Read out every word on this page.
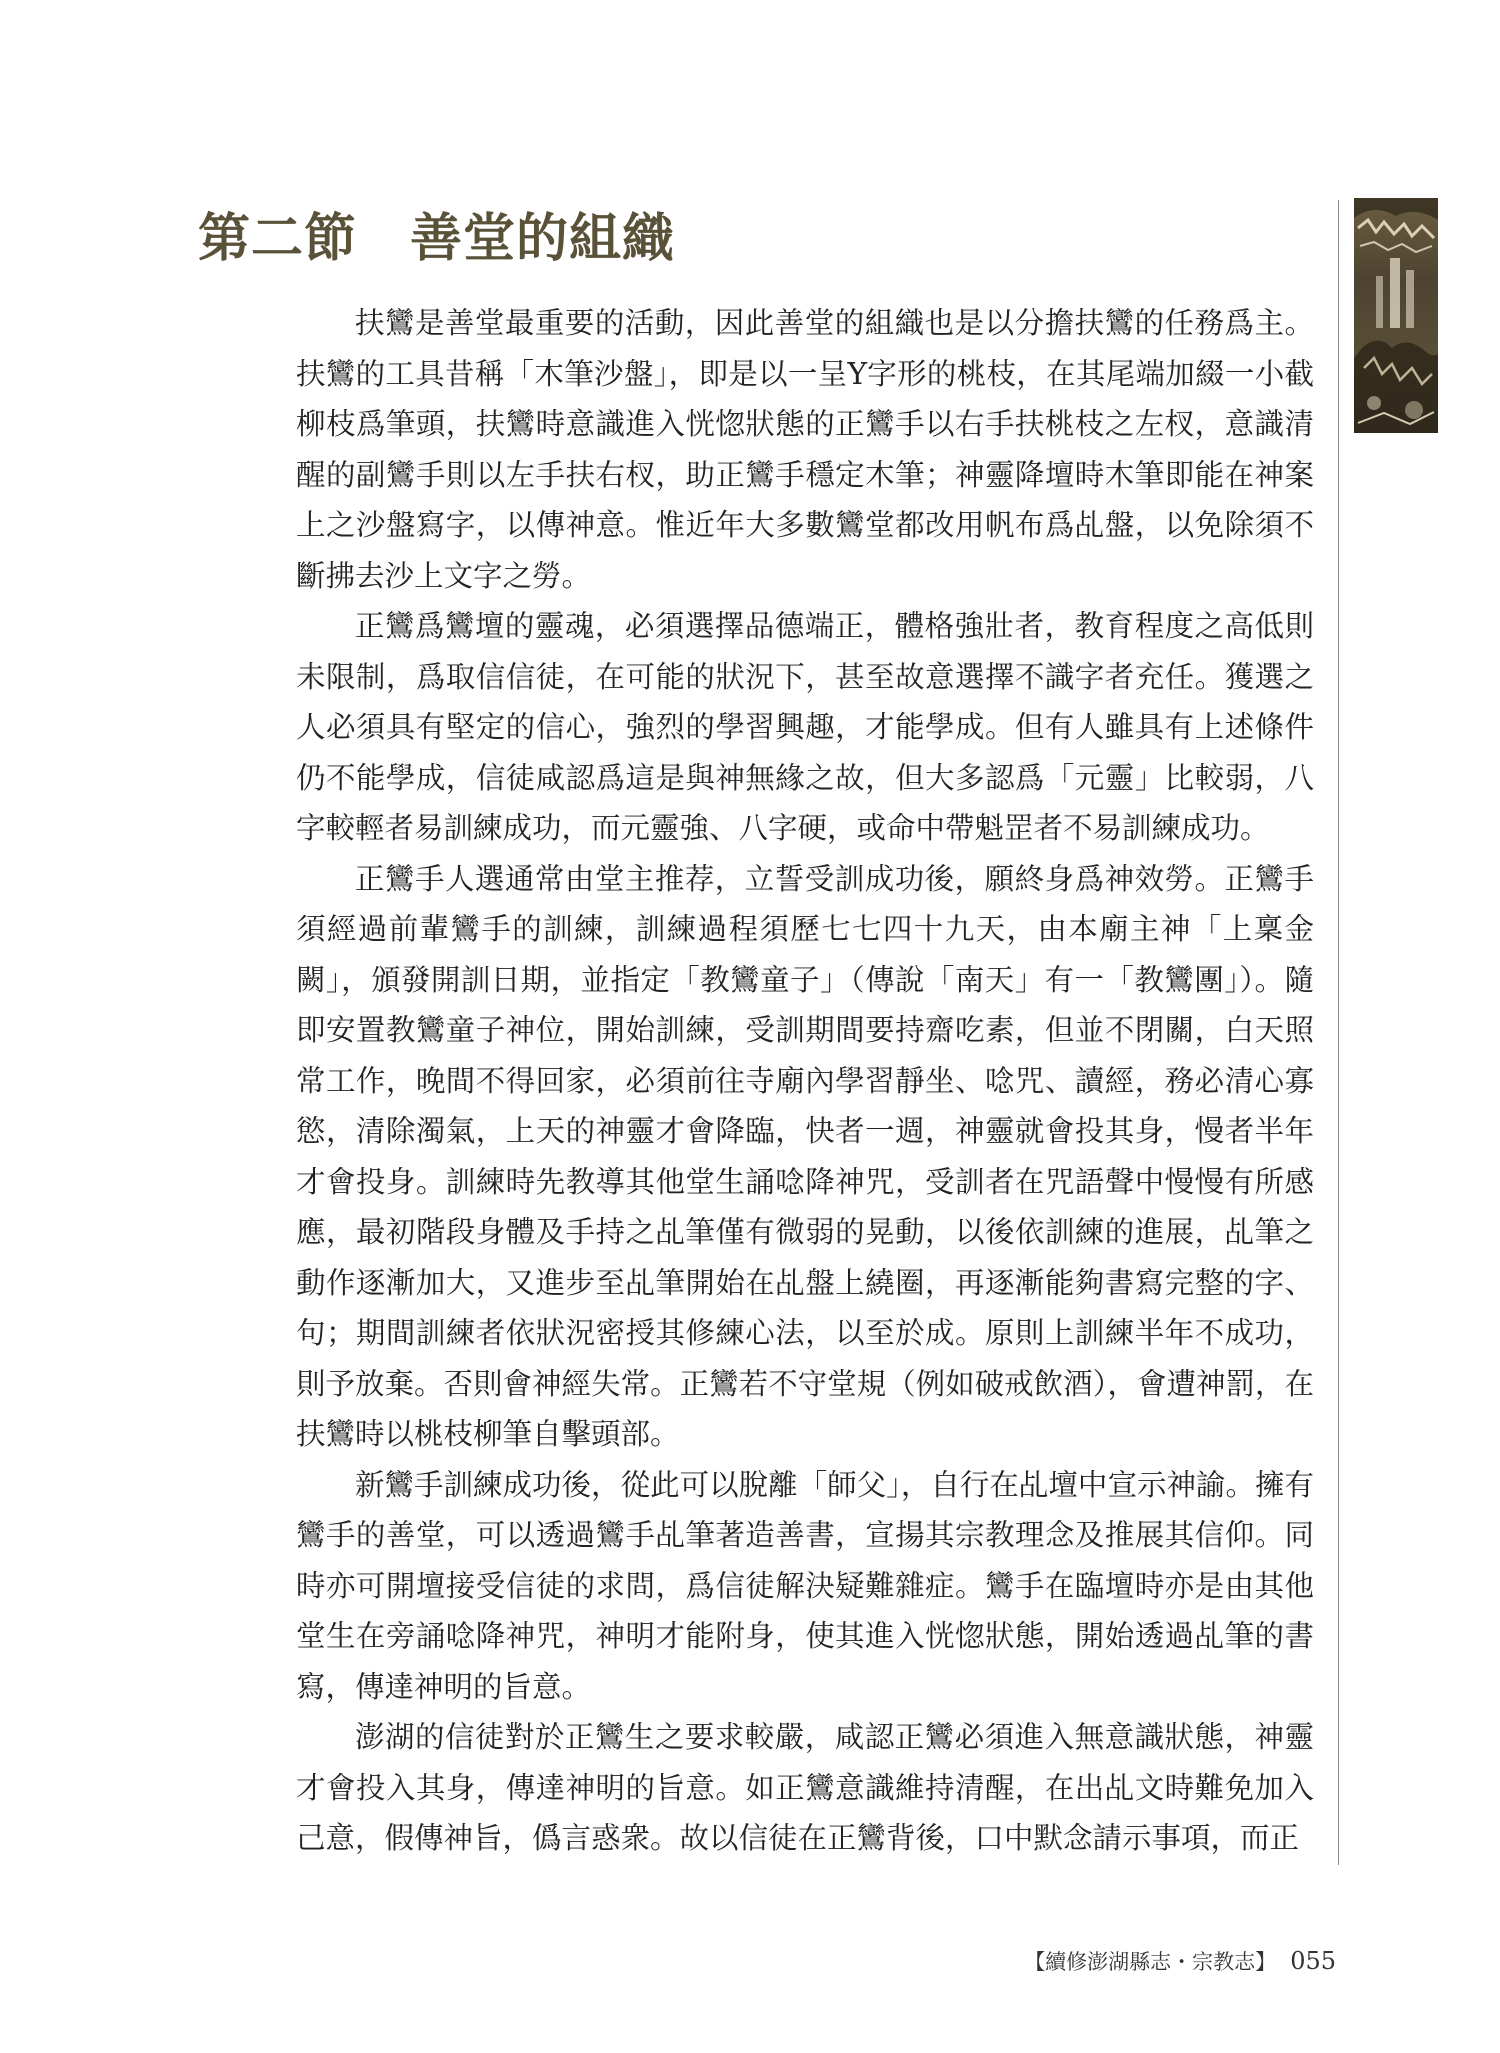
第二節　善堂的組織

扶鸞是善堂最重要的活動，因此善堂的組織也是以分擔扶鸞的任務爲主。扶鸞的工具昔稱「木筆沙盤」，即是以一呈Y字形的桃枝，在其尾端加綴一小截柳枝爲筆頭，扶鸞時意識進入恍惚狀態的正鸞手以右手扶桃枝之左杈，意識清醒的副鸞手則以左手扶右杈，助正鸞手穩定木筆；神靈降壇時木筆即能在神案上之沙盤寫字，以傳神意。惟近年大多數鸞堂都改用帆布爲乩盤，以免除須不斷拂去沙上文字之勞。

正鸞爲鸞壇的靈魂，必須選擇品德端正，體格強壯者，教育程度之高低則未限制，爲取信信徒，在可能的狀況下，甚至故意選擇不識字者充任。獲選之人必須具有堅定的信心，強烈的學習興趣，才能學成。但有人雖具有上述條件仍不能學成，信徒咸認爲這是與神無緣之故，但大多認爲「元靈」比較弱，八字較輕者易訓練成功，而元靈強、八字硬，或命中帶魁罡者不易訓練成功。

正鸞手人選通常由堂主推荐，立誓受訓成功後，願終身爲神效勞。正鸞手須經過前輩鸞手的訓練，訓練過程須歷七七四十九天，由本廟主神「上稟金闕」，頒發開訓日期，並指定「教鸞童子」（傳說「南天」有一「教鸞團」）。隨即安置教鸞童子神位，開始訓練，受訓期間要持齋吃素，但並不閉關，白天照常工作，晚間不得回家，必須前往寺廟內學習靜坐、唸咒、讀經，務必清心寡慾，清除濁氣，上天的神靈才會降臨，快者一週，神靈就會投其身，慢者半年才會投身。訓練時先教導其他堂生誦唸降神咒，受訓者在咒語聲中慢慢有所感應，最初階段身體及手持之乩筆僅有微弱的晃動，以後依訓練的進展，乩筆之動作逐漸加大，又進步至乩筆開始在乩盤上繞圈，再逐漸能夠書寫完整的字、句；期間訓練者依狀況密授其修練心法，以至於成。原則上訓練半年不成功，則予放棄。否則會神經失常。正鸞若不守堂規（例如破戒飲酒），會遭神罰，在扶鸞時以桃枝柳筆自擊頭部。

新鸞手訓練成功後，從此可以脫離「師父」，自行在乩壇中宣示神諭。擁有鸞手的善堂，可以透過鸞手乩筆著造善書，宣揚其宗教理念及推展其信仰。同時亦可開壇接受信徒的求問，爲信徒解決疑難雜症。鸞手在臨壇時亦是由其他堂生在旁誦唸降神咒，神明才能附身，使其進入恍惚狀態，開始透過乩筆的書寫，傳達神明的旨意。

澎湖的信徒對於正鸞生之要求較嚴，咸認正鸞必須進入無意識狀態，神靈才會投入其身，傳達神明的旨意。如正鸞意識維持清醒，在出乩文時難免加入己意，假傳神旨，僞言惑衆。故以信徒在正鸞背後，口中默念請示事項，而正

【續修澎湖縣志・宗教志】 055
